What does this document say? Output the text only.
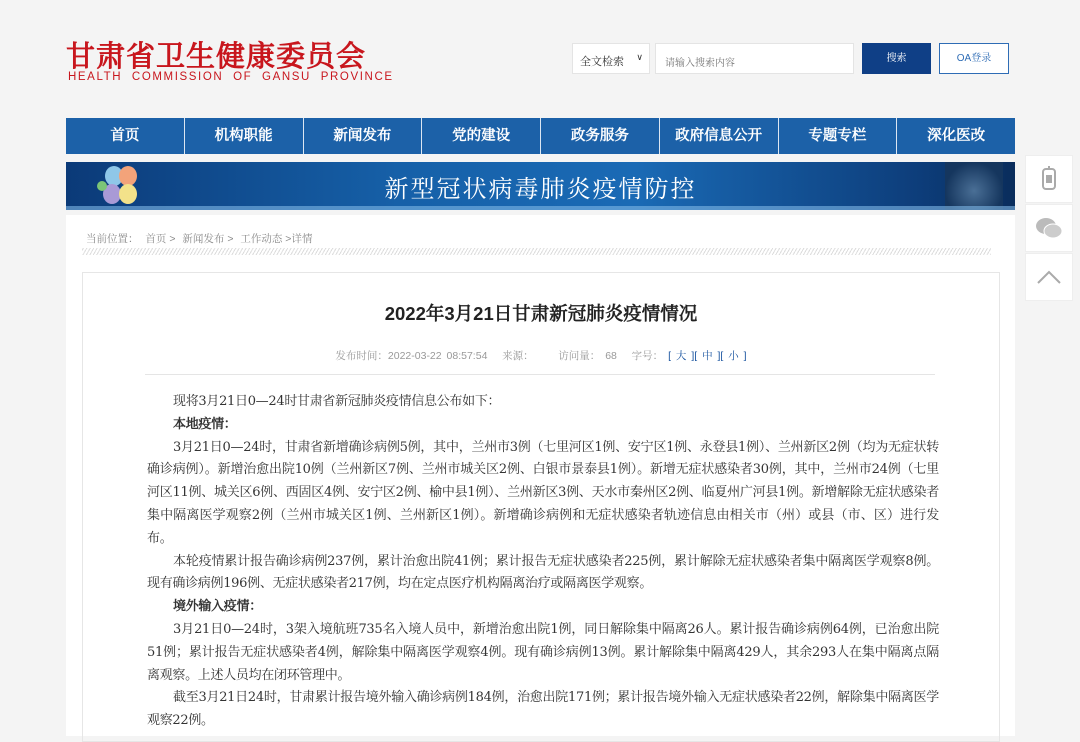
甘肃省卫生健康委员会
HEALTH COMMISSION OF GANSU PROVINCE
全文检索 ∨
请输入搜索内容	搜索	OA登录
首页	机构职能	新闻发布	党的建设	政务服务	政府信息公开	专题专栏	深化医改
新型冠状病毒肺炎疫情防控
当前位置： 首页 > 新闻发布 > 工作动态 >详情
2022年3月21日甘肃新冠肺炎疫情情况
发布时间：2022-03-22 08:57:54 来源： 访问量： 68 字号： [ 大 ][ 中 ][ 小 ]

现将3月21日0—24时甘肃省新冠肺炎疫情信息公布如下：

本地疫情：

3月21日0—24时，甘肃省新增确诊病例5例，其中，兰州市3例（七里河区1例、安宁区1例、永登县1例）、兰州新区2例（均为无症状转确诊病例）。新增治愈出院10例（兰州新区7例、兰州市城关区2例、白银市景泰县1例）。新增无症状感染者30例，其中，兰州市24例（七里河区11例、城关区6例、西固区4例、安宁区2例、榆中县1例）、兰州新区3例、天水市秦州区2例、临夏州广河县1例。新增解除无症状感染者集中隔离医学观察2例（兰州市城关区1例、兰州新区1例）。新增确诊病例和无症状感染者轨迹信息由相关市（州）或县（市、区）进行发布。

本轮疫情累计报告确诊病例237例，累计治愈出院41例；累计报告无症状感染者225例，累计解除无症状感染者集中隔离医学观察8例。现有确诊病例196例、无症状感染者217例，均在定点医疗机构隔离治疗或隔离医学观察。

境外输入疫情：

3月21日0—24时，3架入境航班735名入境人员中，新增治愈出院1例，同日解除集中隔离26人。累计报告确诊病例64例，已治愈出院51例；累计报告无症状感染者4例，解除集中隔离医学观察4例。现有确诊病例13例。累计解除集中隔离429人，其余293人在集中隔离点隔离观察。上述人员均在闭环管理中。

截至3月21日24时，甘肃累计报告境外输入确诊病例184例，治愈出院171例；累计报告境外输入无症状感染者22例，解除集中隔离医学观察22例。
